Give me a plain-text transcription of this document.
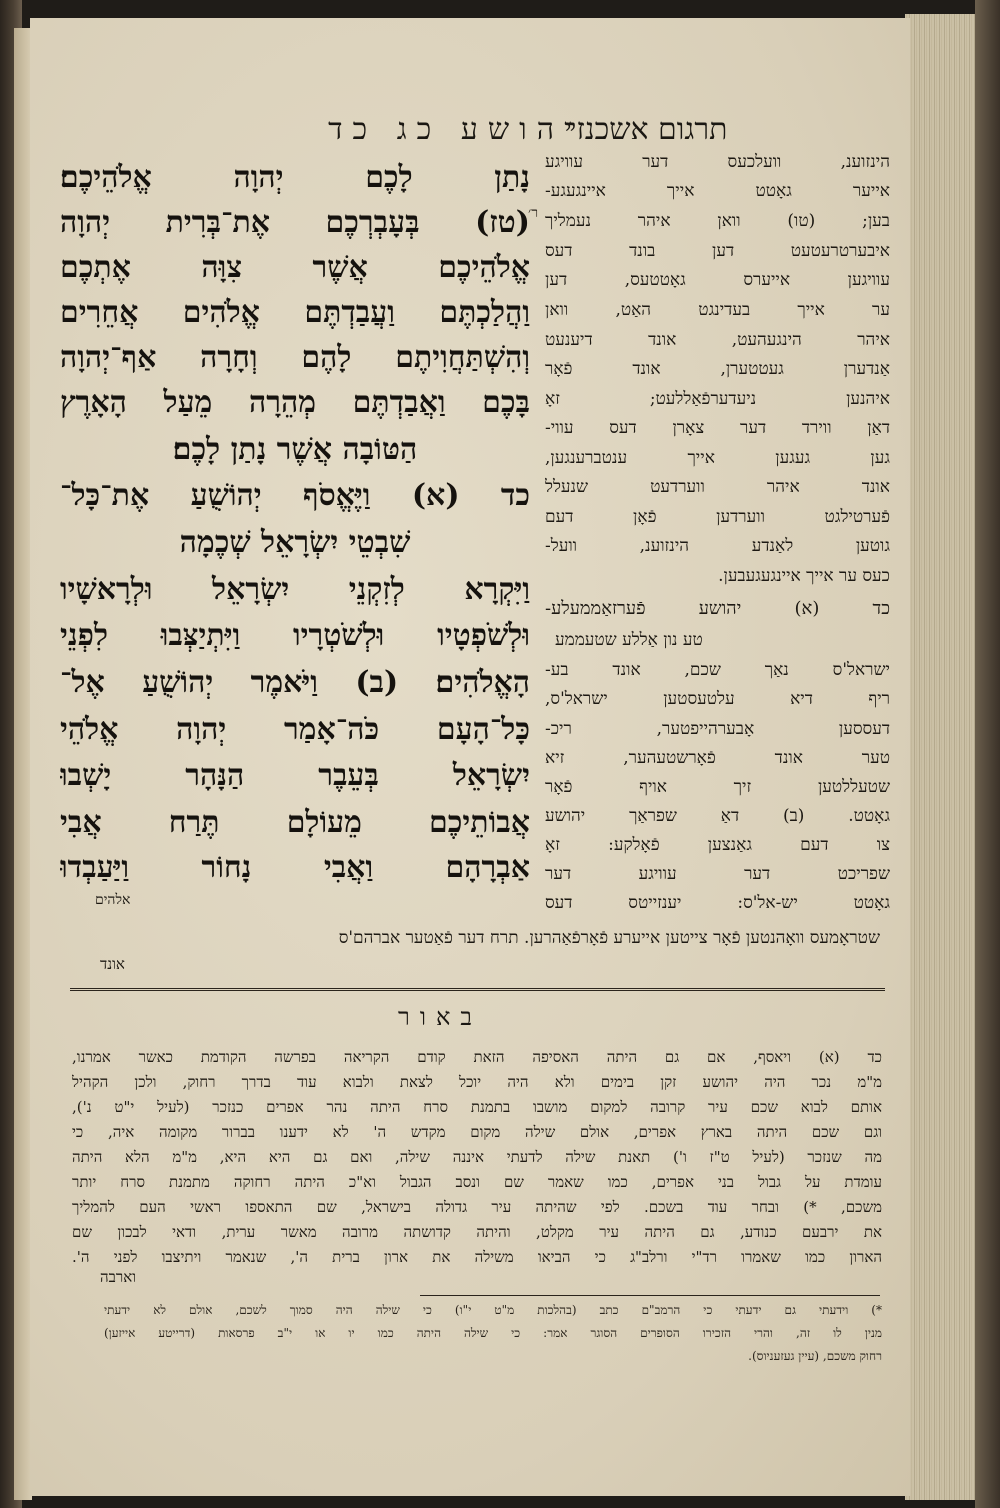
יהושע כג כד
תרגום אשכנזי
ר׳
נָתַן לָכֶם יְהוָה אֱלֹהֵיכֶם׃
(טז) בְּעָבְרְכֶם אֶת־בְּרִית יְהוָה
אֱלֹהֵיכֶם אֲשֶׁר צִוָּה אֶתְכֶם
וַהֲלַכְתֶּם וַעֲבַדְתֶּם אֱלֹהִים אֲחֵרִים
וְהִשְׁתַּחֲוִיתֶם לָהֶם וְחָרָה אַף־יְהוָה
בָּכֶם וַאֲבַדְתֶּם מְהֵרָה מֵעַל הָאָרֶץ
הַטּוֹבָה אֲשֶׁר נָתַן לָכֶם׃
כד (א) וַיֶּאֱסֹף יְהוֹשֻׁעַ אֶת־כָּל־
שִׁבְטֵי יִשְׂרָאֵל שְׁכֶמָה
וַיִּקְרָא לְזִקְנֵי יִשְׂרָאֵל וּלְרָאשָׁיו
וּלְשֹׁפְטָיו וּלְשֹׁטְרָיו וַיִּתְיַצְּבוּ לִפְנֵי
הָאֱלֹהִים׃ (ב) וַיֹּאמֶר יְהוֹשֻׁעַ אֶל־
כָּל־הָעָם כֹּה־אָמַר יְהוָה אֱלֹהֵי
יִשְׂרָאֵל בְּעֵבֶר הַנָּהָר יָשְׁבוּ
אֲבוֹתֵיכֶם מֵעוֹלָם תֶּרַח אֲבִי
אַבְרָהָם וַאֲבִי נָחוֹר וַיַּעַבְדוּ
אלהים
הינזוענ, וועלכעס דער עוויגע
אייער גאָטט אייך איינגעגע-
בען; (טו) וואן איהר נעמליך
איבערטרעטעט דען בונד דעס
עוויגען אייערס גאָטטעס, דען
ער אייך בעדינגט האַט, וואן
איהר הינגעהעט, אונד דיענעט
אַנדערן געטטערן, אונד פֿאָר
איהנען ניעדערפֿאַללעט; זאָ
דאַן ווירד דער צאָרן דעס עווי-
גען געגען אייך ענטברענגען,
אונד איהר ווערדעט שנעלל
פֿערטילגט ווערדען פֿאָן דעם
גוטען לאַנדע הינזוענ, וועל-
כעס ער אייך איינגעגעבען.
כד (א) יהושע פֿערזאַממעלע-
טע נון אַללע שטעממע
ישראל'ס נאַך שכם, אונד בע-
ריף דיא עלטעסטען ישראל'ס,
דעססען אָבערהייפטער, ריכ-
טער אונד פֿאָרשטעהער, זיא
שטעללטען זיך אויף פֿאָר
גאָטט. (ב) דאַ שפראַך יהושע
צו דעם גאַנצען פֿאָלקע: זאָ
שפריכט דער עוויגע דער
גאָטט יש-אל'ס: יענזייטס דעס
שטראָמעס וואָהנטען פֿאָר צייטען אייערע פֿאָרפֿאַהרען. תרח דער פֿאַטער אברהם'ס
אונד
באור
כד (א) ויאסף, אם גם היתה האסיפה הזאת קודם הקריאה בפרשה הקודמת כאשר אמרנו,
מ"מ נכר היה יהושע זקן בימים ולא היה יוכל לצאת ולבוא עוד בדרך רחוק, ולכן הקהיל
אותם לבוא שכם עיר קרובה למקום מושבו בתמנת סרח היתה נהר אפרים כנזכר (לעיל י"ט נ'),
וגם שכם היתה בארץ אפרים, אולם שילה מקום מקדש ה' לא ידענו בברור מקומה איה, כי
מה שנזכר (לעיל ט"ז ו') תאנת שילה לדעתי איננה שילה, ואם גם היא היא, מ"מ הלא היתה
עומדת על גבול בני אפרים, כמו שאמר שם ונסב הגבול וא"כ היתה רחוקה מתמנת סרח יותר
משכם, *) ובחר עוד בשכם. לפי שהיתה עיר גדולה בישראל, שם התאספו ראשי העם להמליך
את ירבעם כנודע, גם היתה עיר מקלט, והיתה קדושתה מרובה מאשר ערית, ודאי לבכון שם
הארון כמו שאמרו רד"י ורלב"ג כי הביאו משילה את ארון ברית ה', שנאמר ויתיצבו לפני ה'.
וארבה
*) וידעתי גם ידעתי כי הרמב"ם כתב (בהלכות מ"ט י"ו) כי שילה היה סמוך לשכם, אולם לא ידעתי
מנין לו זה, והרי הזכירו הסופרים הסוגר אמר: כי שילה היתה כמו יו או י"ב פרסאות (דרייטע אייזען)
רחוק משכם, (עיין געזעניוס).
